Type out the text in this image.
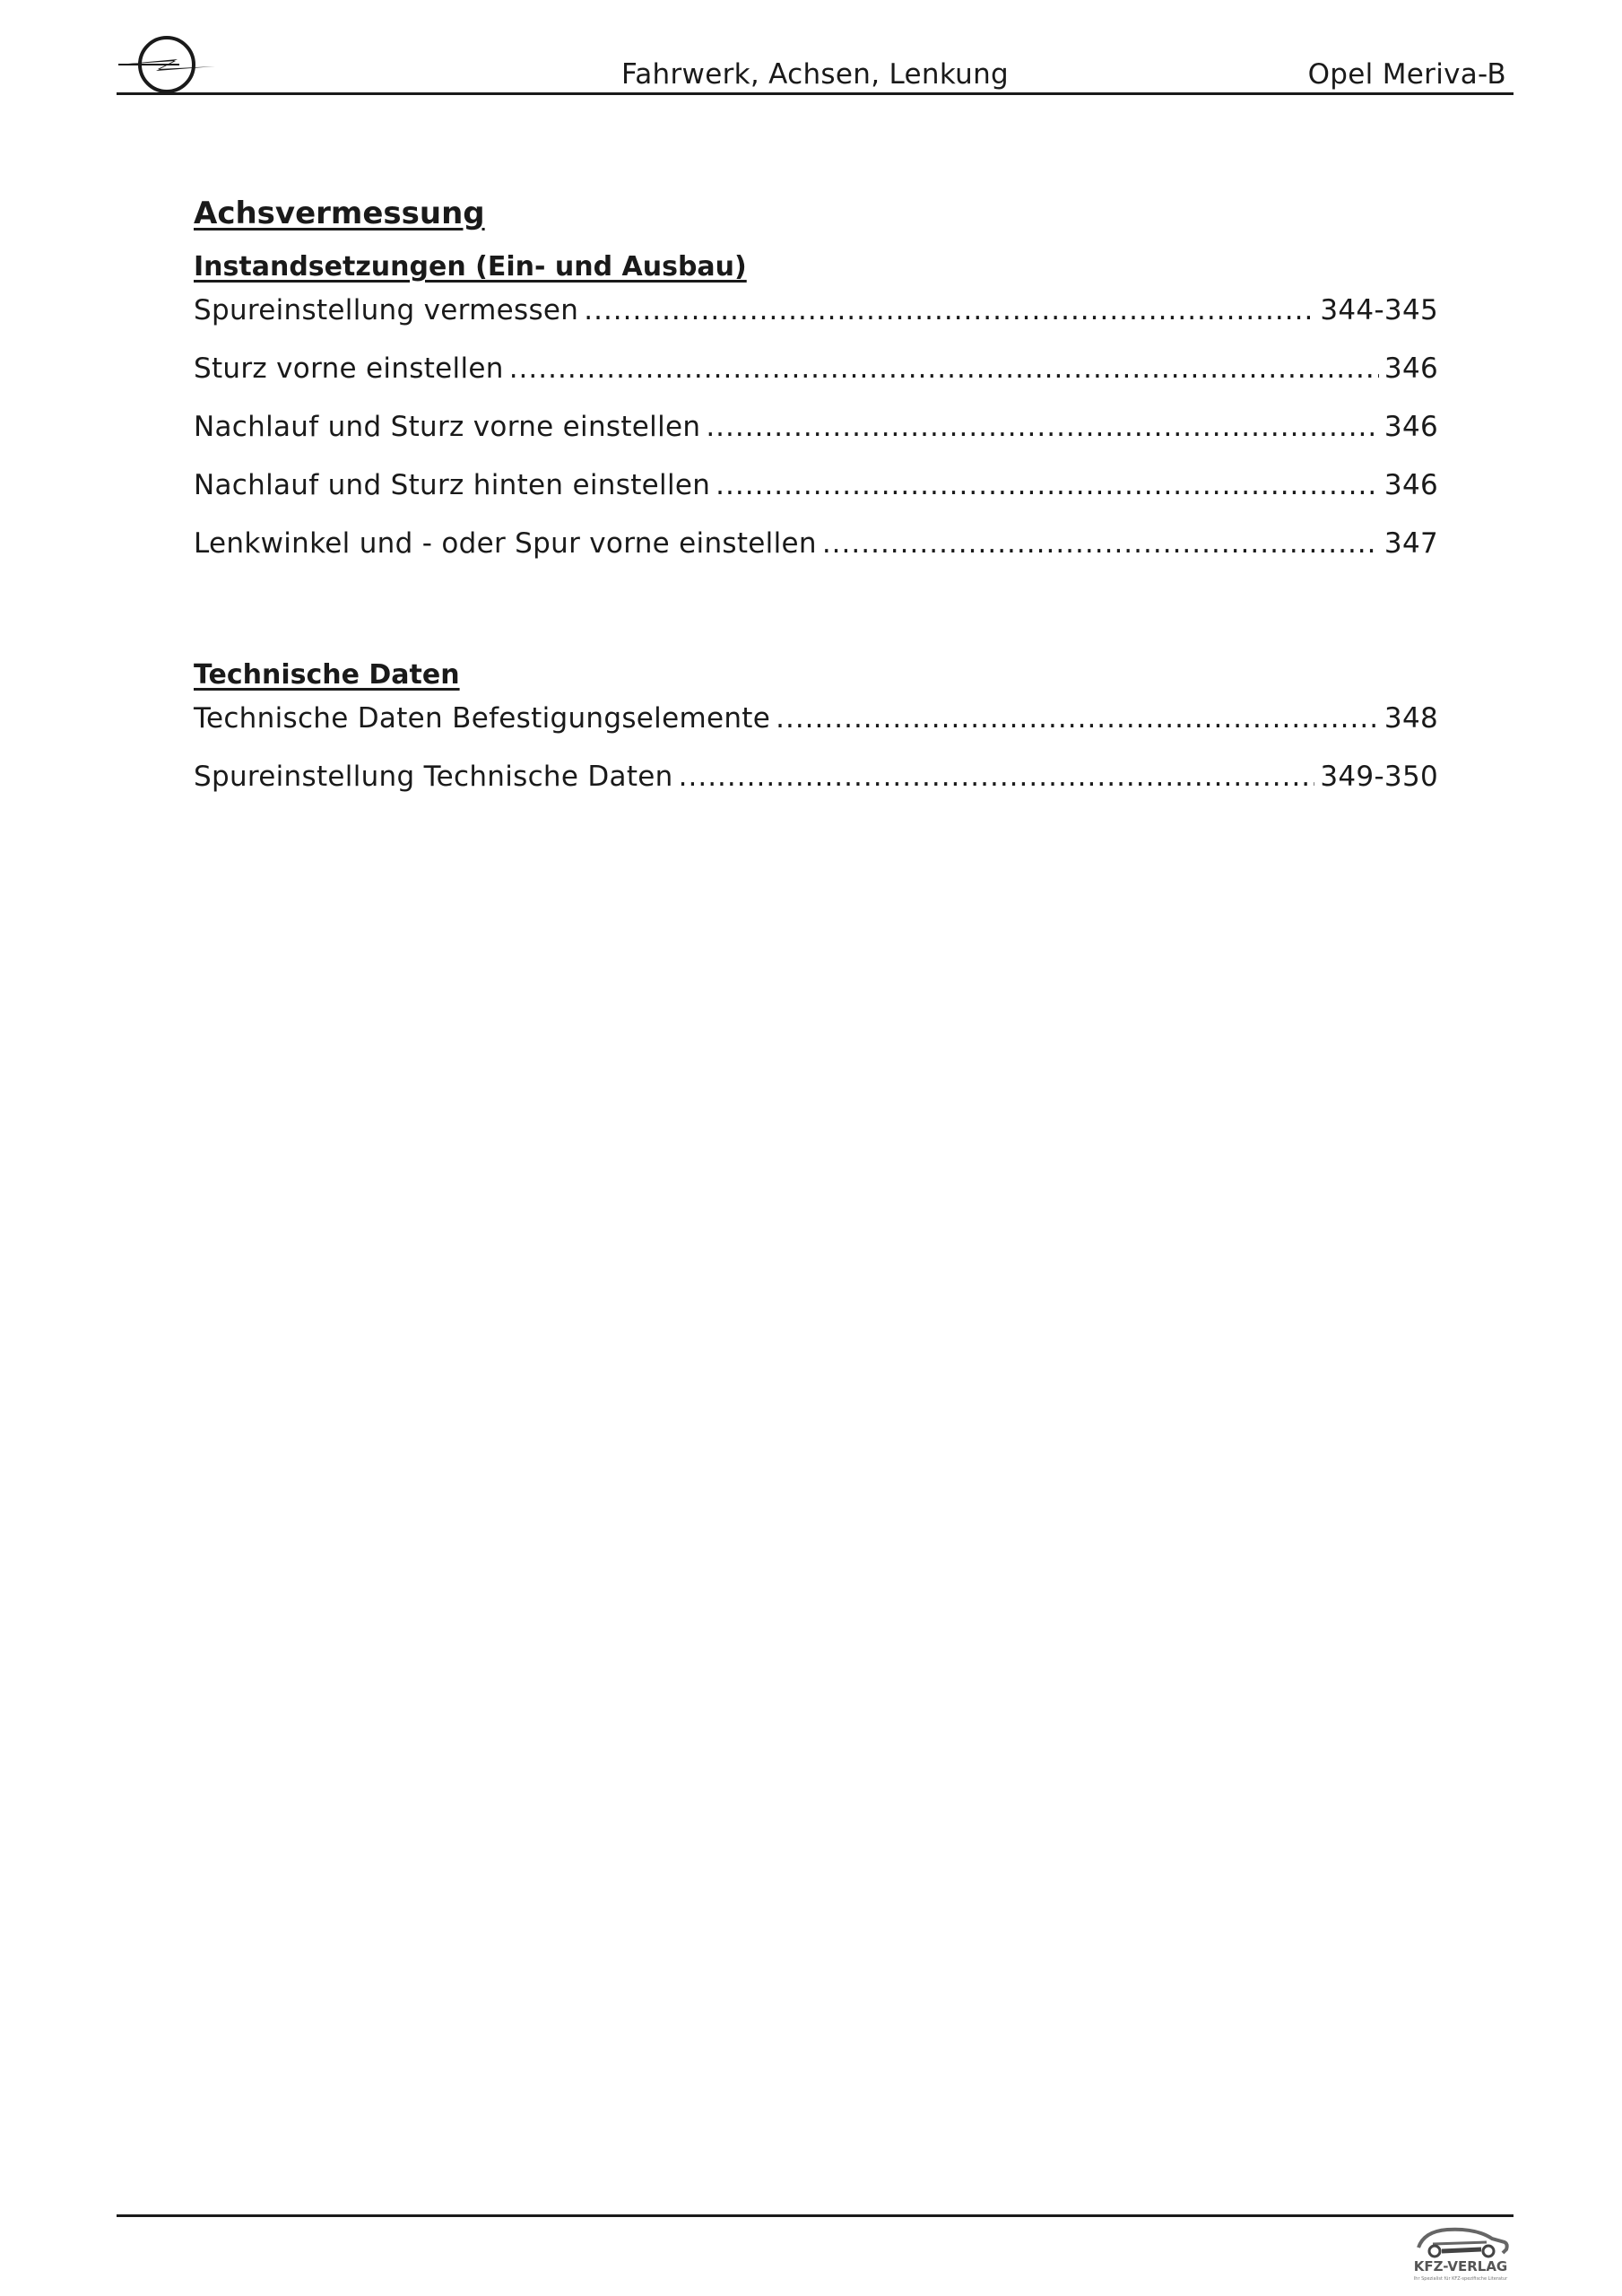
Fahrwerk, Achsen, Lenkung	Opel Meriva-B
Achsvermessung
Instandsetzungen (Ein- und Ausbau)
Spureinstellung vermessen .....	344-345
Sturz vorne einstellen .....	346
Nachlauf und Sturz vorne einstellen .....	346
Nachlauf und Sturz hinten einstellen .....	346
Lenkwinkel und - oder Spur vorne einstellen .....	347
Technische Daten
Technische Daten Befestigungselemente .....	348
Spureinstellung Technische Daten .....	349-350
KFZ-VERLAG
Ihr Spezialist für KFZ-spezifische Literatur
